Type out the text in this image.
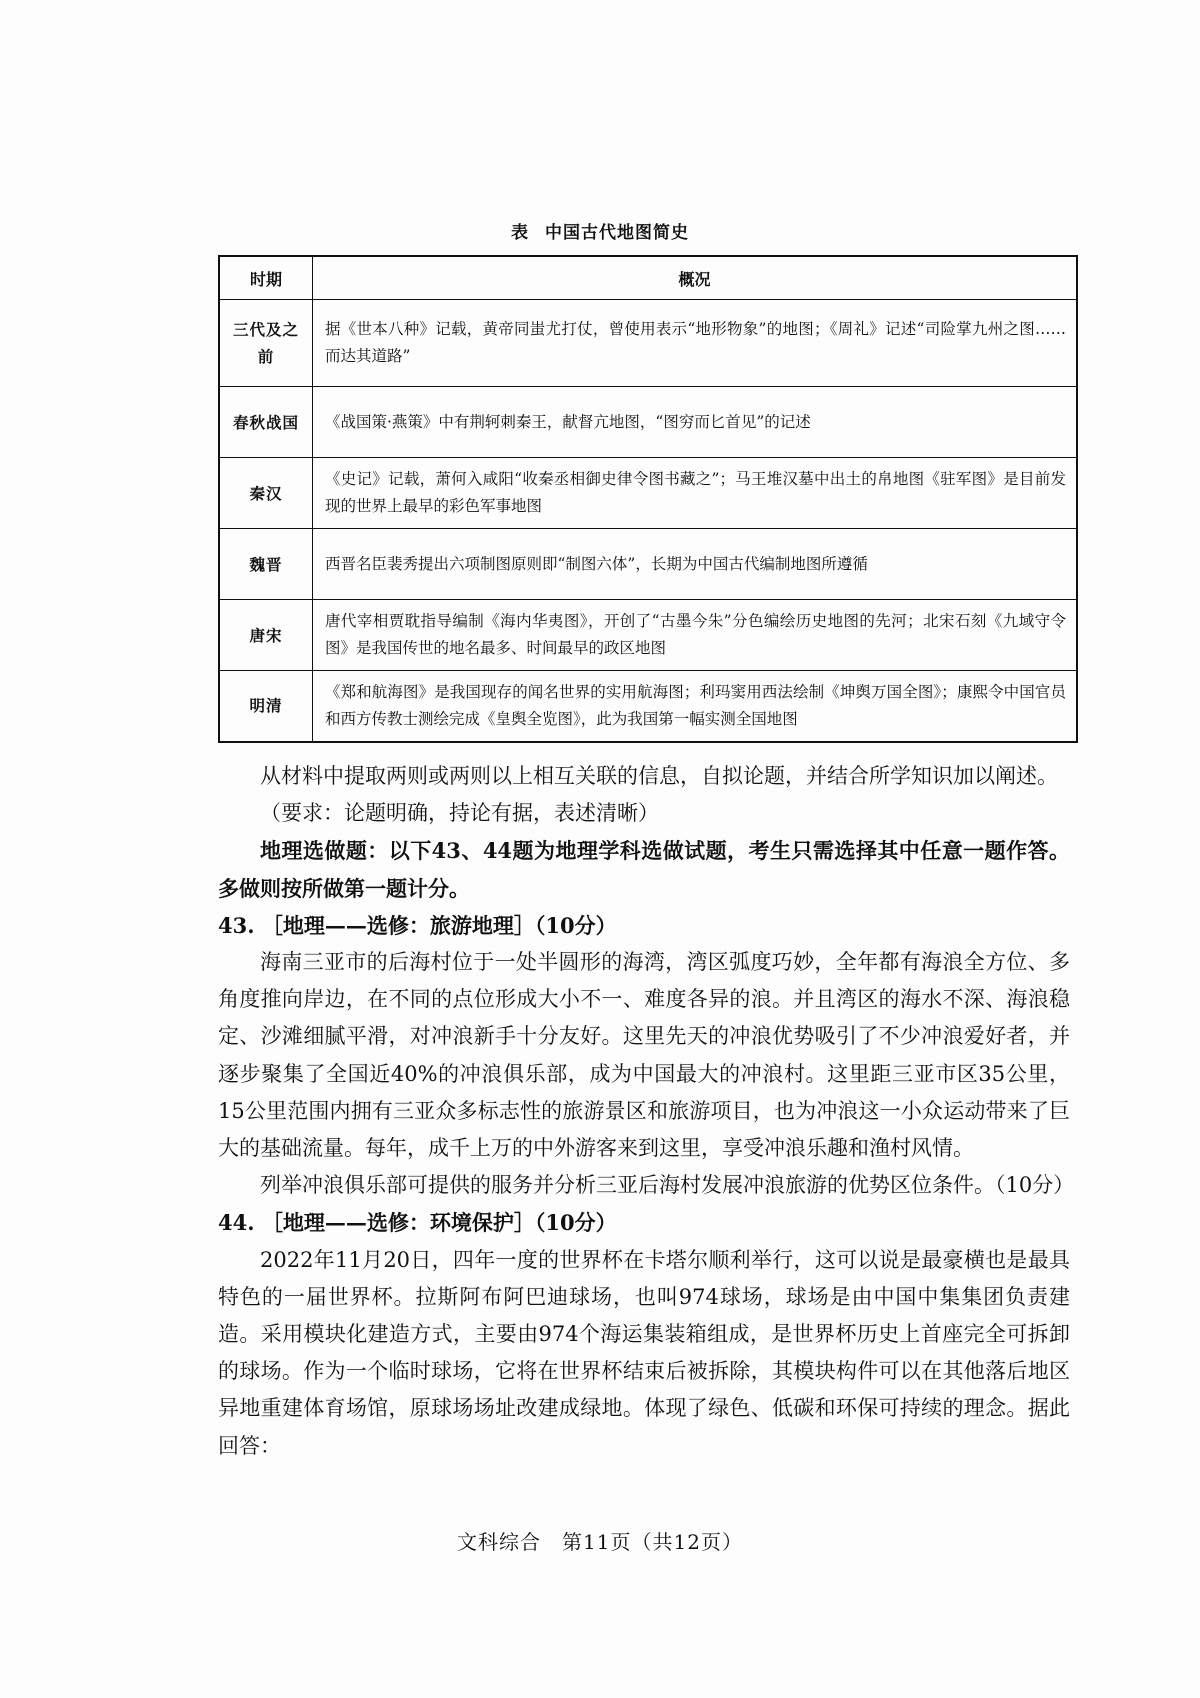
表 中国古代地图简史
时期	概况
三代及之前	据《世本八种》记载，黄帝同蚩尤打仗，曾使用表示“地形物象”的地图；《周礼》记述“司险掌九州之图……而达其道路”
春秋战国	《战国策·燕策》中有荆轲刺秦王，献督亢地图，“图穷而匕首见”的记述
秦汉	《史记》记载，萧何入咸阳“收秦丞相御史律令图书藏之”；马王堆汉墓中出土的帛地图《驻军图》是目前发现的世界上最早的彩色军事地图
魏晋	西晋名臣裴秀提出六项制图原则即“制图六体”，长期为中国古代编制地图所遵循
唐宋	唐代宰相贾耽指导编制《海内华夷图》，开创了“古墨今朱”分色编绘历史地图的先河；北宋石刻《九域守令图》是我国传世的地名最多、时间最早的政区地图
明清	《郑和航海图》是我国现存的闻名世界的实用航海图；利玛窦用西法绘制《坤舆万国全图》；康熙令中国官员和西方传教士测绘完成《皇舆全览图》，此为我国第一幅实测全国地图

从材料中提取两则或两则以上相互关联的信息，自拟论题，并结合所学知识加以阐述。

（要求：论题明确，持论有据，表述清晰）

地理选做题：以下43、44题为地理学科选做试题，考生只需选择其中任意一题作答。多做则按所做第一题计分。

43. ［地理——选修：旅游地理］（10分）

海南三亚市的后海村位于一处半圆形的海湾，湾区弧度巧妙，全年都有海浪全方位、多角度推向岸边，在不同的点位形成大小不一、难度各异的浪。并且湾区的海水不深、海浪稳定、沙滩细腻平滑，对冲浪新手十分友好。这里先天的冲浪优势吸引了不少冲浪爱好者，并逐步聚集了全国近40%的冲浪俱乐部，成为中国最大的冲浪村。这里距三亚市区35公里，15公里范围内拥有三亚众多标志性的旅游景区和旅游项目，也为冲浪这一小众运动带来了巨大的基础流量。每年，成千上万的中外游客来到这里，享受冲浪乐趣和渔村风情。

列举冲浪俱乐部可提供的服务并分析三亚后海村发展冲浪旅游的优势区位条件。（10分）

44. ［地理——选修：环境保护］（10分）

2022年11月20日，四年一度的世界杯在卡塔尔顺利举行，这可以说是最豪横也是最具特色的一届世界杯。拉斯阿布阿巴迪球场，也叫974球场，球场是由中国中集集团负责建造。采用模块化建造方式，主要由974个海运集装箱组成，是世界杯历史上首座完全可拆卸的球场。作为一个临时球场，它将在世界杯结束后被拆除，其模块构件可以在其他落后地区异地重建体育场馆，原球场场址改建成绿地。体现了绿色、低碳和环保可持续的理念。据此回答：

文科综合　第11页（共12页）
